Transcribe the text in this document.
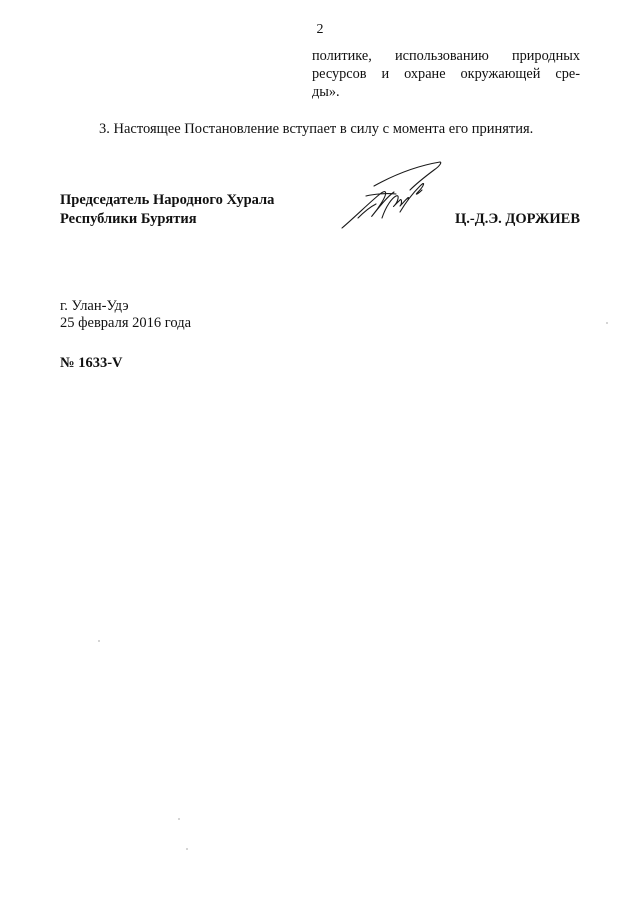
2
политике, использованию природных
ресурсов и охране окружающей сре-
ды».
3. Настоящее Постановление вступает в силу с момента его принятия.
Председатель Народного Хурала
Республики Бурятия	Ц.-Д.Э. ДОРЖИЕВ
г. Улан-Удэ
25 февраля 2016 года
№ 1633-V
